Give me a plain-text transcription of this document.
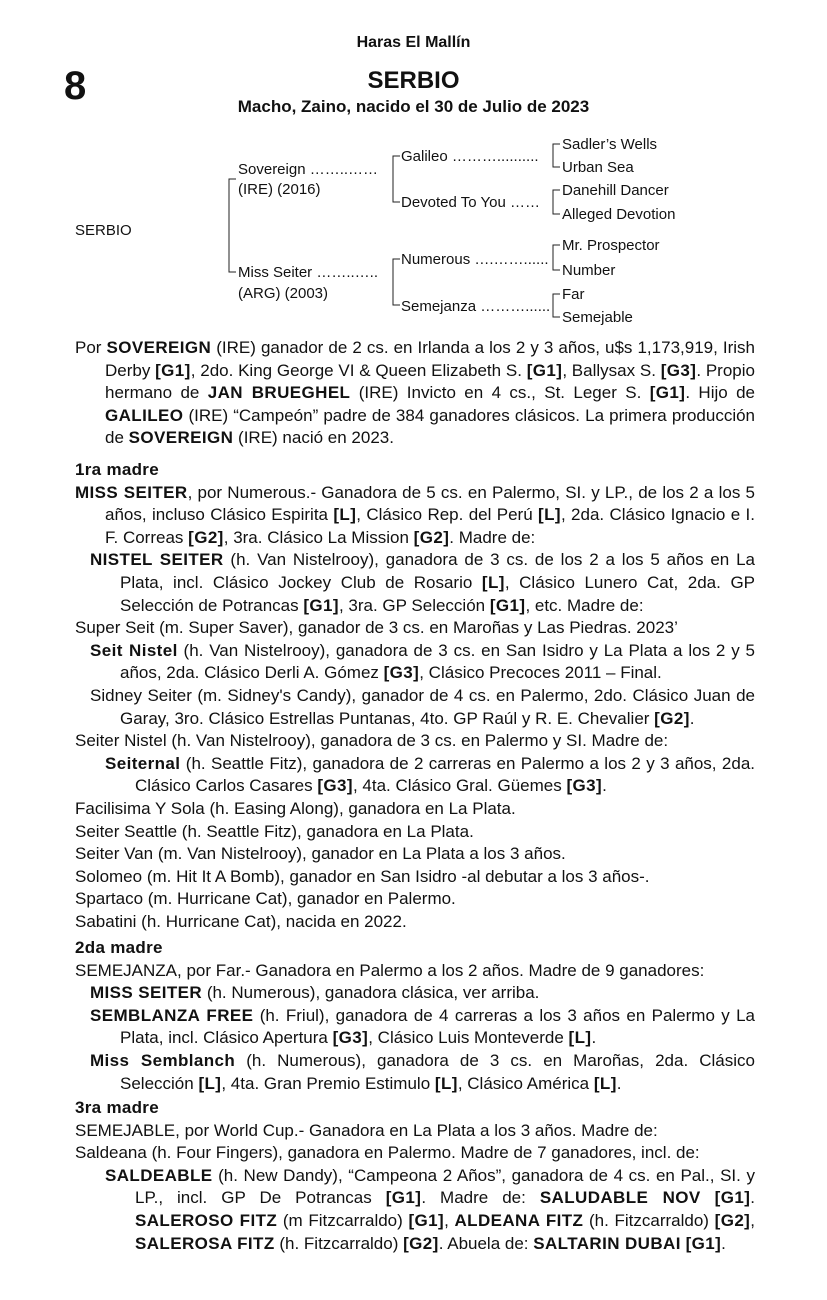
Haras El Mallín
8	SERBIO
Macho, Zaino, nacido el 30 de Julio de 2023
SERBIO
Sovereign ……..……
(IRE) (2016)
Miss Seiter ……..…..
(ARG) (2003)
Galileo ………..........
Devoted To You ……
Numerous ….……......
Semejanza ………......
Sadler’s Wells
Urban Sea
Danehill Dancer
Alleged Devotion
Mr. Prospector
Number
Far
Semejable

Por SOVEREIGN (IRE) ganador de 2 cs. en Irlanda a los 2 y 3 años, u$s 1,173,919, Irish Derby [G1], 2do. King George VI & Queen Elizabeth S. [G1], Ballysax S. [G3]. Propio hermano de JAN BRUEGHEL (IRE) Invicto en 4 cs., St. Leger S. [G1]. Hijo de GALILEO (IRE) “Campeón” padre de 384 ganadores clásicos. La primera producción de SOVEREIGN (IRE) nació en 2023.

1ra madre

MISS SEITER, por Numerous.- Ganadora de 5 cs. en Palermo, SI. y LP., de los 2 a los 5 años, incluso Clásico Espirita [L], Clásico Rep. del Perú [L], 2da. Clásico Ignacio e I. F. Correas [G2], 3ra. Clásico La Mission [G2]. Madre de:

NISTEL SEITER (h. Van Nistelrooy), ganadora de 3 cs. de los 2 a los 5 años en La Plata, incl. Clásico Jockey Club de Rosario [L], Clásico Lunero Cat, 2da. GP Selección de Potrancas [G1], 3ra. GP Selección [G1], etc. Madre de:

Super Seit (m. Super Saver), ganador de 3 cs. en Maroñas y Las Piedras. 2023’

Seit Nistel (h. Van Nistelrooy), ganadora de 3 cs. en San Isidro y La Plata a los 2 y 5 años, 2da. Clásico Derli A. Gómez [G3], Clásico Precoces 2011 – Final.

Sidney Seiter (m. Sidney's Candy), ganador de 4 cs. en Palermo, 2do. Clásico Juan de Garay, 3ro. Clásico Estrellas Puntanas, 4to. GP Raúl y R. E. Chevalier [G2].

Seiter Nistel (h. Van Nistelrooy), ganadora de 3 cs. en Palermo y SI. Madre de:

Seiternal (h. Seattle Fitz), ganadora de 2 carreras en Palermo a los 2 y 3 años, 2da. Clásico Carlos Casares [G3], 4ta. Clásico Gral. Güemes [G3].

Facilisima Y Sola (h. Easing Along), ganadora en La Plata.

Seiter Seattle (h. Seattle Fitz), ganadora en La Plata.

Seiter Van (m. Van Nistelrooy), ganador en La Plata a los 3 años.

Solomeo (m. Hit It A Bomb), ganador en San Isidro -al debutar a los 3 años-.

Spartaco (m. Hurricane Cat), ganador en Palermo.

Sabatini (h. Hurricane Cat), nacida en 2022.

2da madre

SEMEJANZA, por Far.- Ganadora en Palermo a los 2 años. Madre de 9 ganadores:

MISS SEITER (h. Numerous), ganadora clásica, ver arriba.

SEMBLANZA FREE (h. Friul), ganadora de 4 carreras a los 3 años en Palermo y La Plata, incl. Clásico Apertura [G3], Clásico Luis Monteverde [L].

Miss Semblanch (h. Numerous), ganadora de 3 cs. en Maroñas, 2da. Clásico Selección [L], 4ta. Gran Premio Estimulo [L], Clásico América [L].

3ra madre

SEMEJABLE, por World Cup.- Ganadora en La Plata a los 3 años. Madre de:

Saldeana (h. Four Fingers), ganadora en Palermo. Madre de 7 ganadores, incl. de:

SALDEABLE (h. New Dandy), “Campeona 2 Años”, ganadora de 4 cs. en Pal., SI. y LP., incl. GP De Potrancas [G1]. Madre de: SALUDABLE NOV [G1]. SALEROSO FITZ (m Fitzcarraldo) [G1], ALDEANA FITZ (h. Fitzcarraldo) [G2], SALEROSA FITZ (h. Fitzcarraldo) [G2]. Abuela de: SALTARIN DUBAI [G1].
